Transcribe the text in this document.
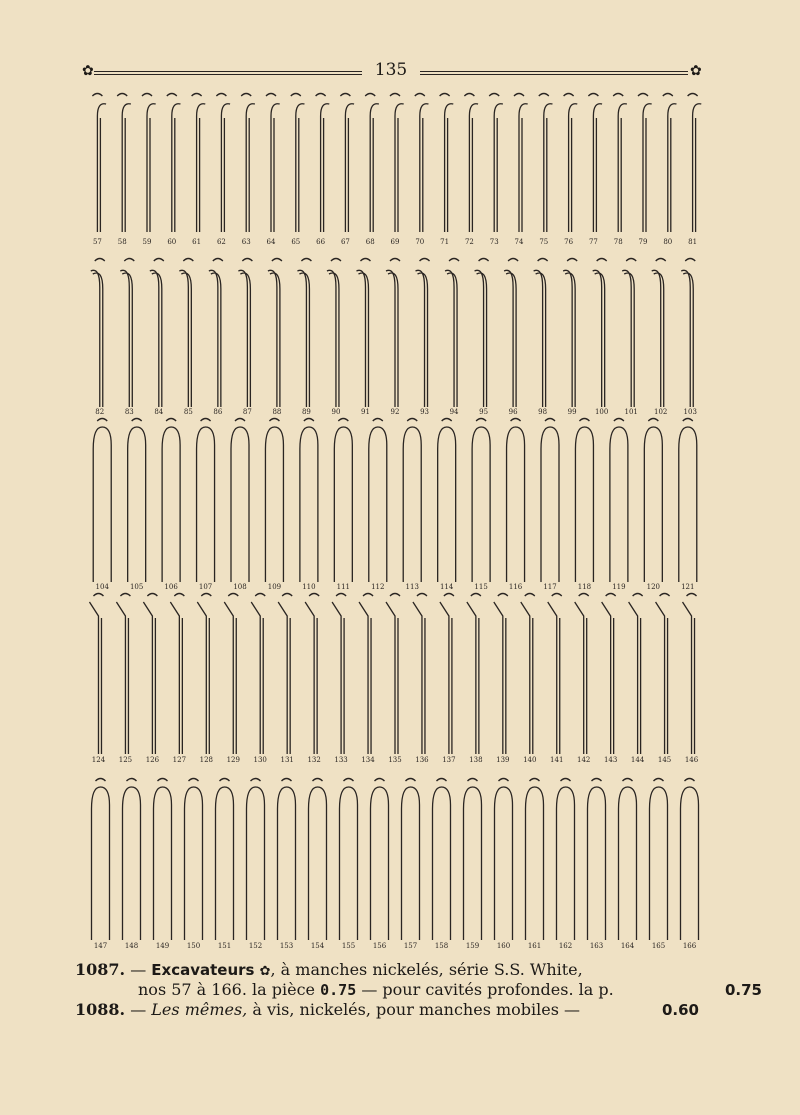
✿	135	✿
57 58 59 60 61 62 63 64 65 66 67 68 69 70 71 72 73 74 75 76 77 78 79 80 81
82	83	84	85	86	87	88	89	90	91	92	93	94	95	96	98	99	100 101 102 103
104	105	106	107	108	109	110	111	112	113	114	115	116	117	118	119	120	121
124 125 126 127 128 129 130 131 132 133 134 135 136 137 138 139 140 141 142 143 144 145 146
147	148	149	150	151	152	153	154	155	156	157	158	159	160	161	162	163	164	165	166
1087. — Excavateurs ✿, à manches nickelés, série S.S. White,
nos 57 à 166. la pièce 0.75 — pour cavités profondes. la p.	0.75
1088. — Les mêmes, à vis, nickelés, pour manches mobiles —	0.60
